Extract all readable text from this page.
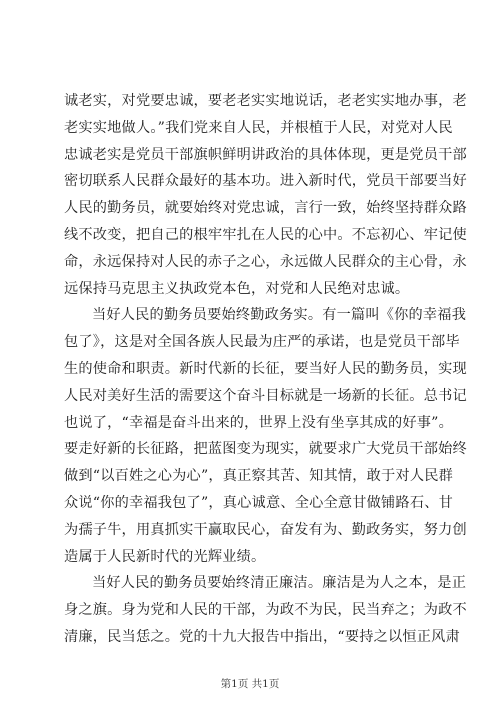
诚老实，对党要忠诚，要老老实实地说话，老老实实地办事，老
老实实地做人。”我们党来自人民，并根植于人民，对党对人民
忠诚老实是党员干部旗帜鲜明讲政治的具体体现，更是党员干部
密切联系人民群众最好的基本功。进入新时代，党员干部要当好
人民的勤务员，就要始终对党忠诚，言行一致，始终坚持群众路
线不改变，把自己的根牢牢扎在人民的心中。不忘初心、牢记使
命，永远保持对人民的赤子之心，永远做人民群众的主心骨，永
远保持马克思主义执政党本色，对党和人民绝对忠诚。
当好人民的勤务员要始终勤政务实。有一篇叫《你的幸福我
包了》，这是对全国各族人民最为庄严的承诺，也是党员干部毕
生的使命和职责。新时代新的长征，要当好人民的勤务员，实现
人民对美好生活的需要这个奋斗目标就是一场新的长征。总书记
也说了，“幸福是奋斗出来的，世界上没有坐享其成的好事”。
要走好新的长征路，把蓝图变为现实，就要求广大党员干部始终
做到“以百姓之心为心”，真正察其苦、知其情，敢于对人民群
众说“你的幸福我包了”，真心诚意、全心全意甘做铺路石、甘
为孺子牛，用真抓实干赢取民心，奋发有为、勤政务实，努力创
造属于人民新时代的光辉业绩。
当好人民的勤务员要始终清正廉洁。廉洁是为人之本，是正
身之旗。身为党和人民的干部，为政不为民，民当弃之；为政不
清廉，民当恁之。党的十九大报告中指出，“要持之以恒正风肃
第1页 共1页
